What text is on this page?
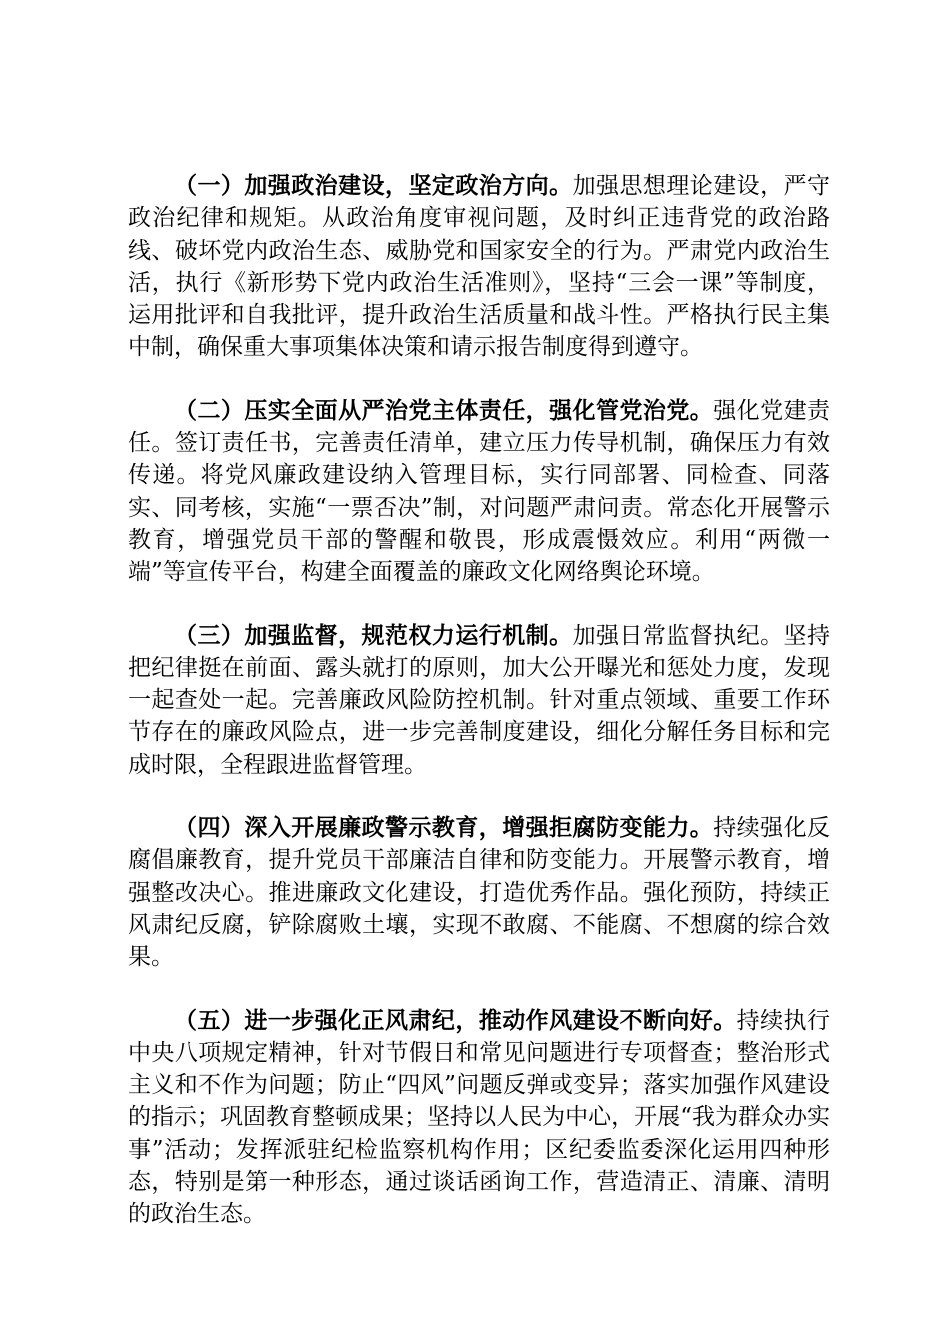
（一）加强政治建设，坚定政治方向。加强思想理论建设，严守政治纪律和规矩。从政治角度审视问题，及时纠正违背党的政治路线、破坏党内政治生态、威胁党和国家安全的行为。严肃党内政治生活，执行《新形势下党内政治生活准则》，坚持“三会一课”等制度，运用批评和自我批评，提升政治生活质量和战斗性。严格执行民主集中制，确保重大事项集体决策和请示报告制度得到遵守。

（二）压实全面从严治党主体责任，强化管党治党。强化党建责任。签订责任书，完善责任清单，建立压力传导机制，确保压力有效传递。将党风廉政建设纳入管理目标，实行同部署、同检查、同落实、同考核，实施“一票否决”制，对问题严肃问责。常态化开展警示教育，增强党员干部的警醒和敬畏，形成震慑效应。利用“两微一端”等宣传平台，构建全面覆盖的廉政文化网络舆论环境。

（三）加强监督，规范权力运行机制。加强日常监督执纪。坚持把纪律挺在前面、露头就打的原则，加大公开曝光和惩处力度，发现一起查处一起。完善廉政风险防控机制。针对重点领域、重要工作环节存在的廉政风险点，进一步完善制度建设，细化分解任务目标和完成时限，全程跟进监督管理。

（四）深入开展廉政警示教育，增强拒腐防变能力。持续强化反腐倡廉教育，提升党员干部廉洁自律和防变能力。开展警示教育，增强整改决心。推进廉政文化建设，打造优秀作品。强化预防，持续正风肃纪反腐，铲除腐败土壤，实现不敢腐、不能腐、不想腐的综合效果。

（五）进一步强化正风肃纪，推动作风建设不断向好。持续执行中央八项规定精神，针对节假日和常见问题进行专项督查；整治形式主义和不作为问题；防止“四风”问题反弹或变异；落实加强作风建设的指示；巩固教育整顿成果；坚持以人民为中心，开展“我为群众办实事”活动；发挥派驻纪检监察机构作用；区纪委监委深化运用四种形态，特别是第一种形态，通过谈话函询工作，营造清正、清廉、清明的政治生态。
